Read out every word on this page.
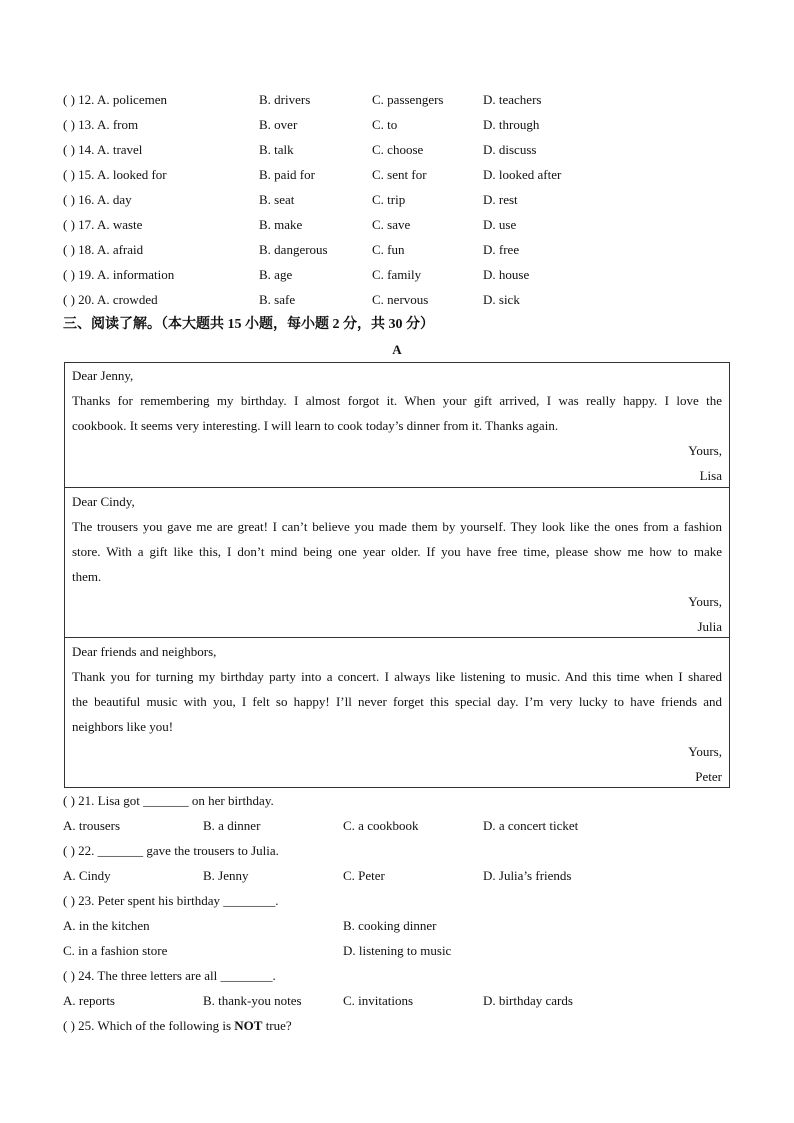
( ) 12. A. policemen	B. drivers	C. passengers	D. teachers
( ) 13. A. from	B. over	C. to	D. through
( ) 14. A. travel	B. talk	C. choose	D. discuss
( ) 15. A. looked for	B. paid for	C. sent for	D. looked after
( ) 16. A. day	B. seat	C. trip	D. rest
( ) 17. A. waste	B. make	C. save	D. use
( ) 18. A. afraid	B. dangerous	C. fun	D. free
( ) 19. A. information	B. age	C. family	D. house
( ) 20. A. crowded	B. safe	C. nervous	D. sick
三、阅读了解。（本大题共 15 小题，每小题 2 分，共 30 分）
A
Dear Jenny,
Thanks for remembering my birthday. I almost forgot it. When your gift arrived, I was really happy. I love the
cookbook. It seems very interesting. I will learn to cook today’s dinner from it. Thanks again.
Yours,
Lisa
Dear Cindy,
The trousers you gave me are great! I can’t believe you made them by yourself. They look like the ones from a fashion
store. With a gift like this, I don’t mind being one year older. If you have free time, please show me how to make
them.
Yours,
Julia
Dear friends and neighbors,
Thank you for turning my birthday party into a concert. I always like listening to music. And this time when I shared
the beautiful music with you, I felt so happy! I’ll never forget this special day. I’m very lucky to have friends and
neighbors like you!
Yours,
Peter
( ) 21. Lisa got _______ on her birthday.
A. trousers	B. a dinner	C. a cookbook	D. a concert ticket
( ) 22. _______ gave the trousers to Julia.
A. Cindy	B. Jenny	C. Peter	D. Julia’s friends
( ) 23. Peter spent his birthday ________.
A. in the kitchen	B. cooking dinner
C. in a fashion store	D. listening to music
( ) 24. The three letters are all ________.
A. reports	B. thank-you notes	C. invitations	D. birthday cards
( ) 25. Which of the following is NOT true?
